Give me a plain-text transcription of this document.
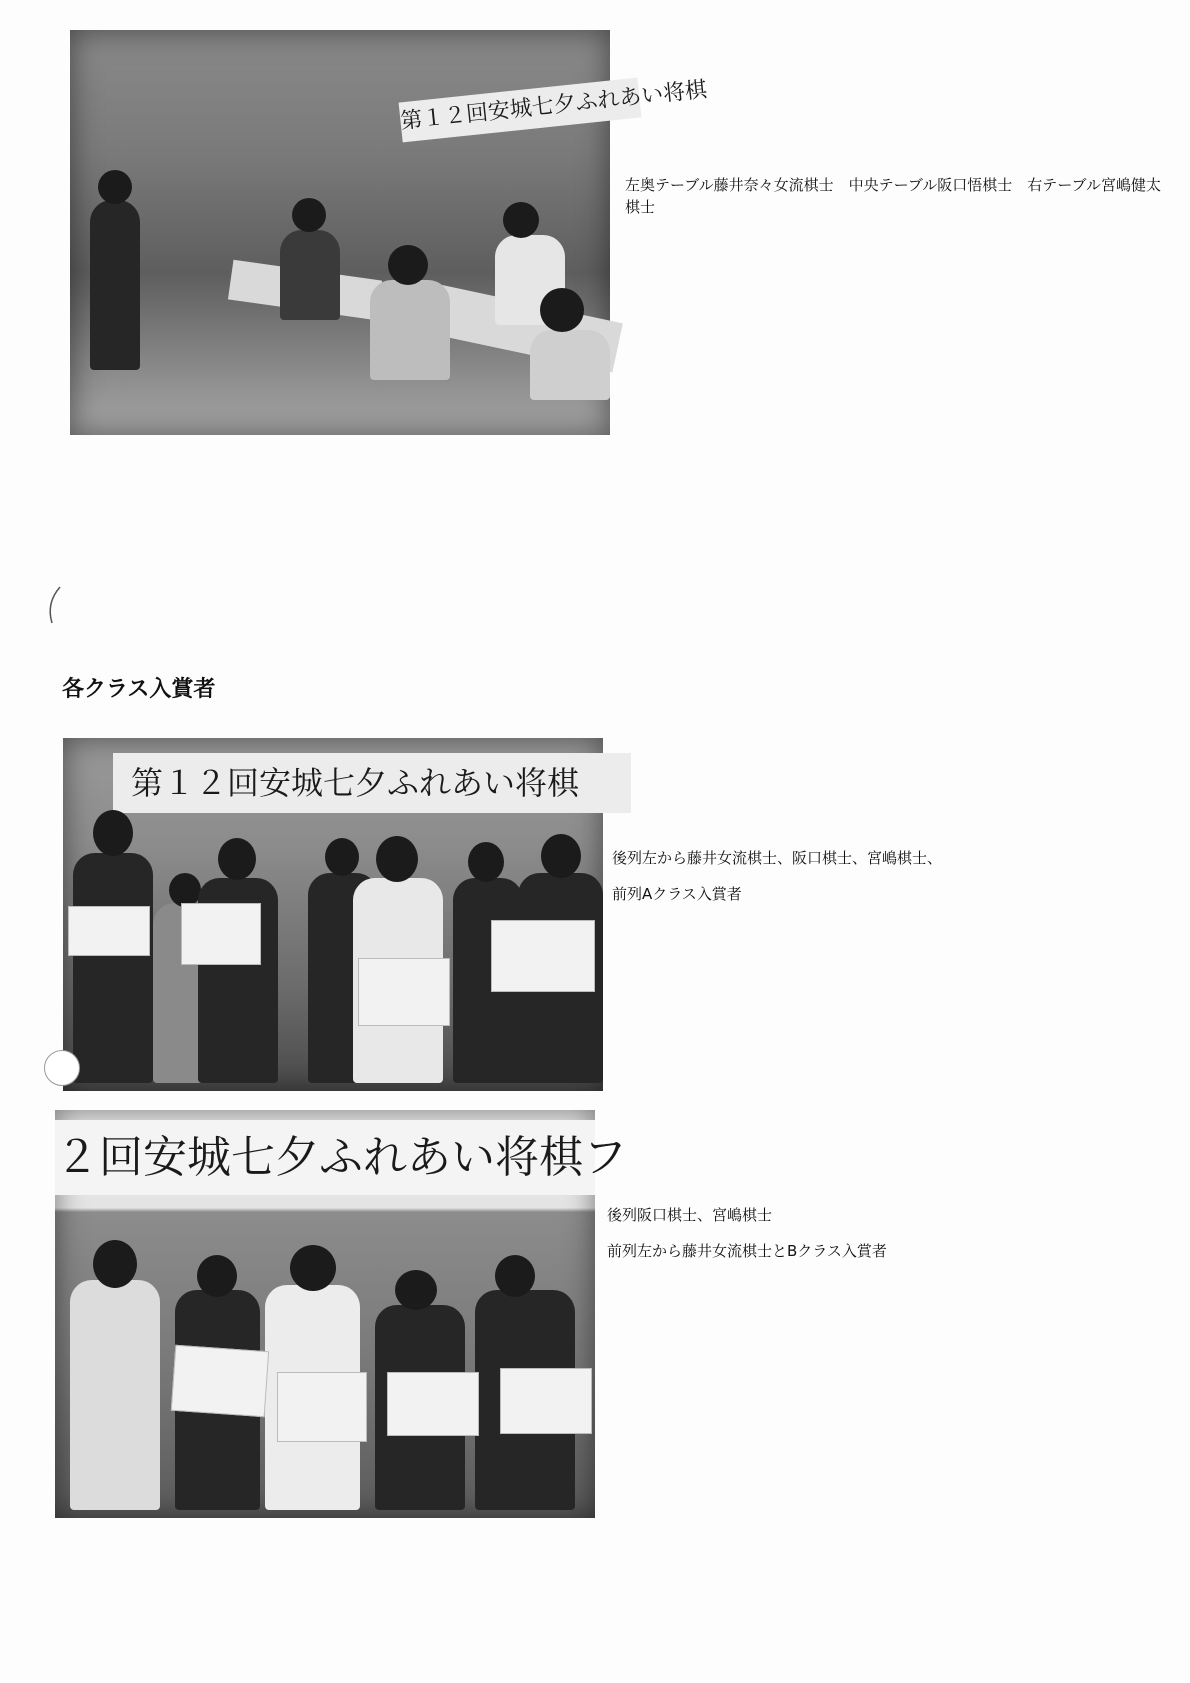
第１２回安城七夕ふれあい将棋
左奥テーブル藤井奈々女流棋士　中央テーブル阪口悟棋士　右テーブル宮嶋健太棋士
各クラス入賞者
第１２回安城七夕ふれあい将棋

後列左から藤井女流棋士、阪口棋士、宮嶋棋士、

前列Aクラス入賞者

２回安城七夕ふれあい将棋フ

後列阪口棋士、宮嶋棋士

前列左から藤井女流棋士とBクラス入賞者
